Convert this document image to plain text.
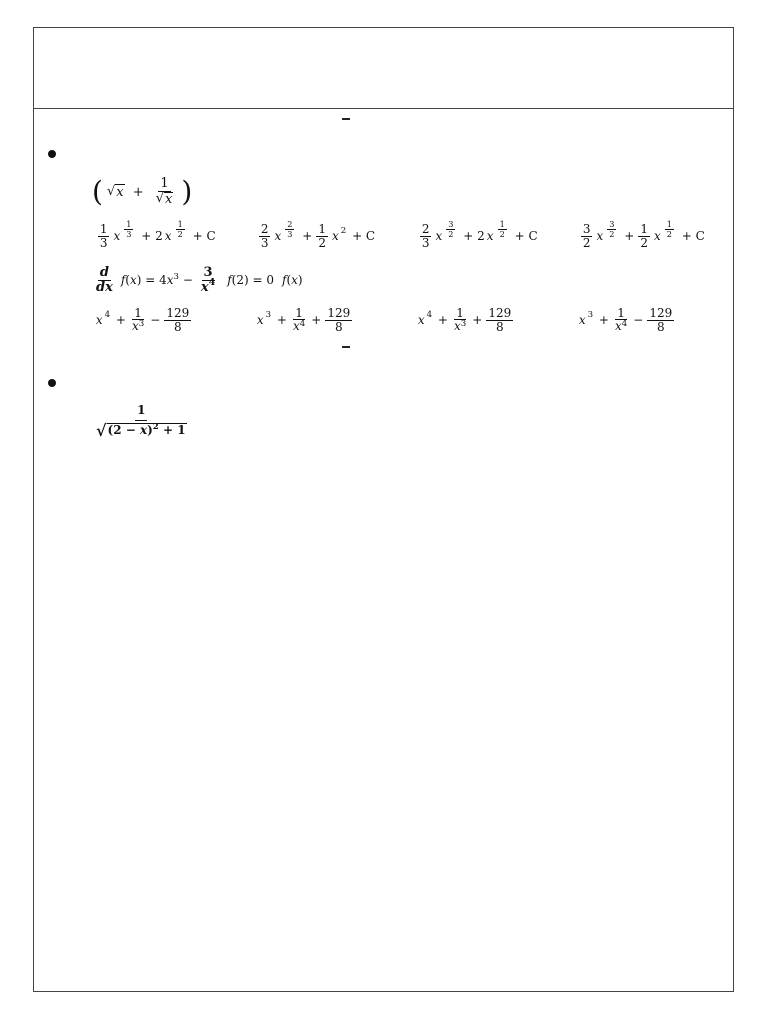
( √ $x + \frac{1}{√ x}$ )

$\frac{1}{3}$ x $\frac{1}{3} + 2$ x $\frac{1}{2} + C$
	$\frac{2}{3}$ x $\frac{2}{3} + \frac{1}{2}$ x 2 + C
	$\frac{2}{3}$ x $\frac{3}{2} + 2$ x $\frac{1}{2} + C$
	$\frac{3}{2}$ x $\frac{3}{2} + \frac{1}{2}$ x $\frac{1}{2} + C$
$\frac{d}{dx} f(x) = 4x^3 - \frac{3}{x^4} f(2) = 0$ f(x)

x $4 + \frac{1}{x^3} - \frac{129}{8}$
	x $3 + \frac{1}{x^4} + \frac{129}{8}$
	x $4 + \frac{1}{x^3} + \frac{129}{8}$
	x $3 + \frac{1}{x^4} - \frac{129}{8}$
$\frac{1}{√ (2 - x)^2 + 1}$
